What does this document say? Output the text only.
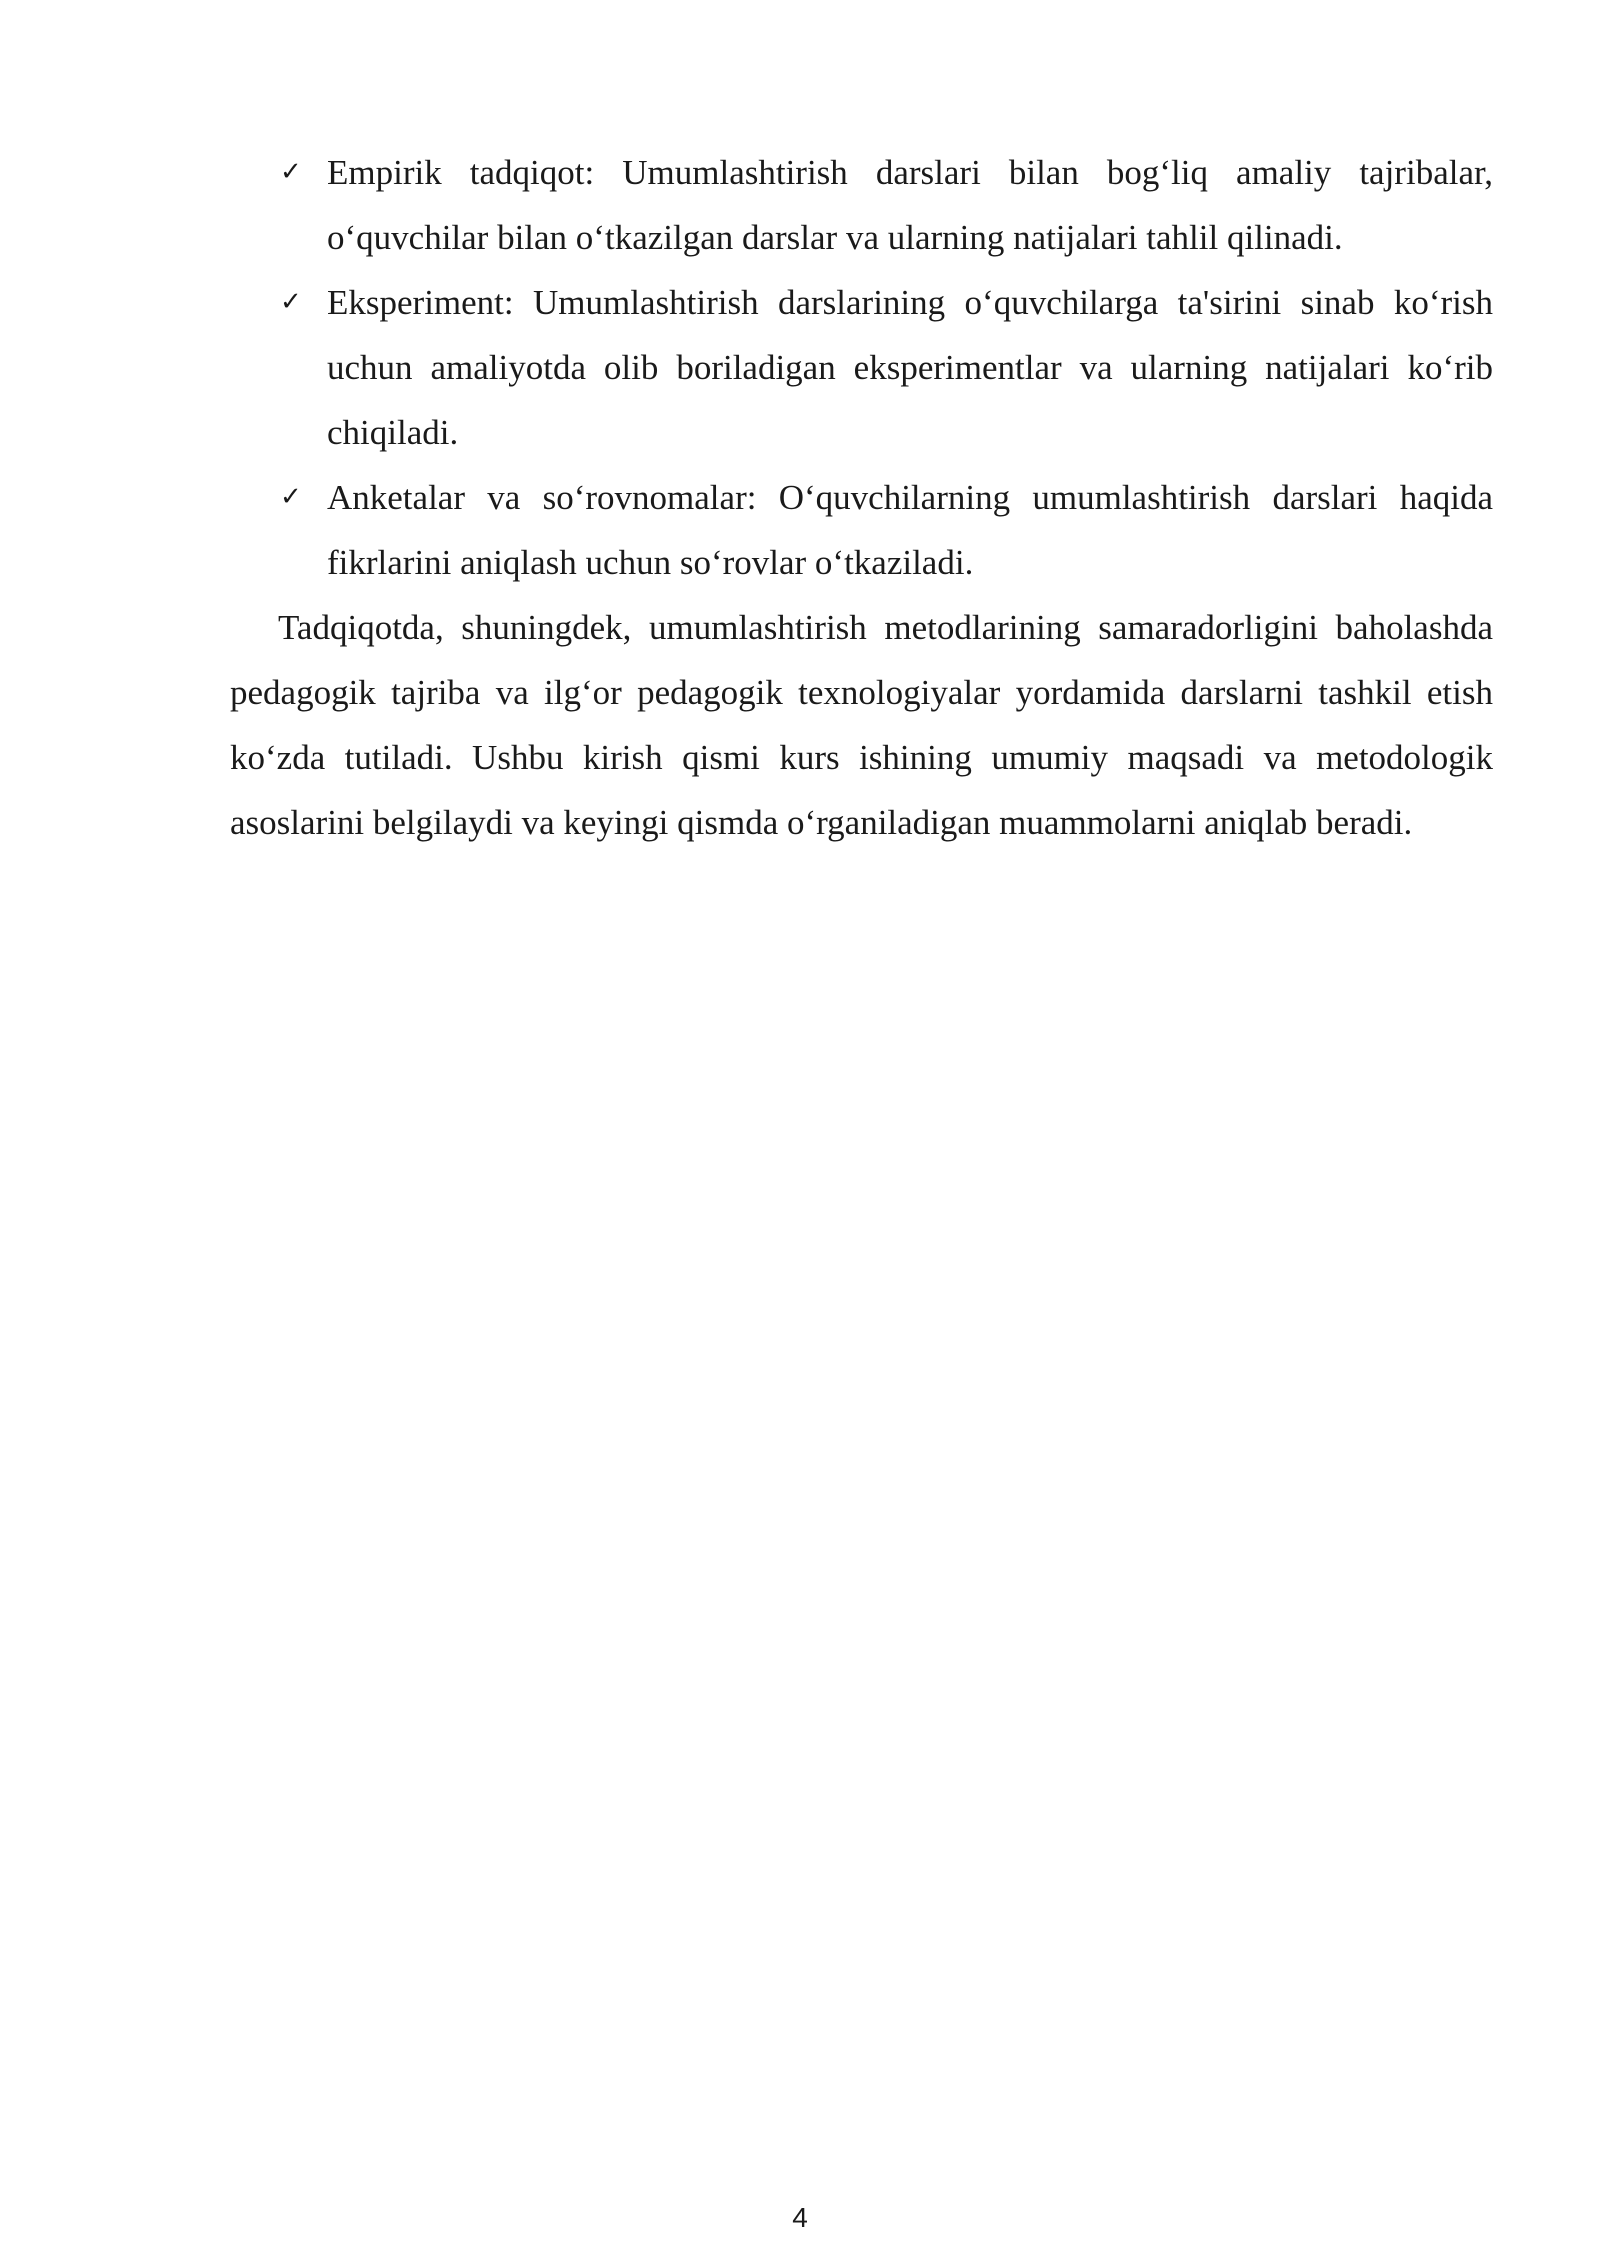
✓ Empirik tadqiqot: Umumlashtirish darslari bilan bog‘liq amaliy tajribalar, o‘quvchilar bilan o‘tkazilgan darslar va ularning natijalari tahlil qilinadi.
✓ Eksperiment: Umumlashtirish darslarining o‘quvchilarga ta'sirini sinab ko‘rish uchun amaliyotda olib boriladigan eksperimentlar va ularning natijalari ko‘rib chiqiladi.
✓ Anketalar va so‘rovnomalar: O‘quvchilarning umumlashtirish darslari haqida fikrlarini aniqlash uchun so‘rovlar o‘tkaziladi.

Tadqiqotda, shuningdek, umumlashtirish metodlarining samaradorligini baholashda pedagogik tajriba va ilg‘or pedagogik texnologiyalar yordamida darslarni tashkil etish ko‘zda tutiladi. Ushbu kirish qismi kurs ishining umumiy maqsadi va metodologik asoslarini belgilaydi va keyingi qismda o‘rganiladigan muammolarni aniqlab beradi.

4
